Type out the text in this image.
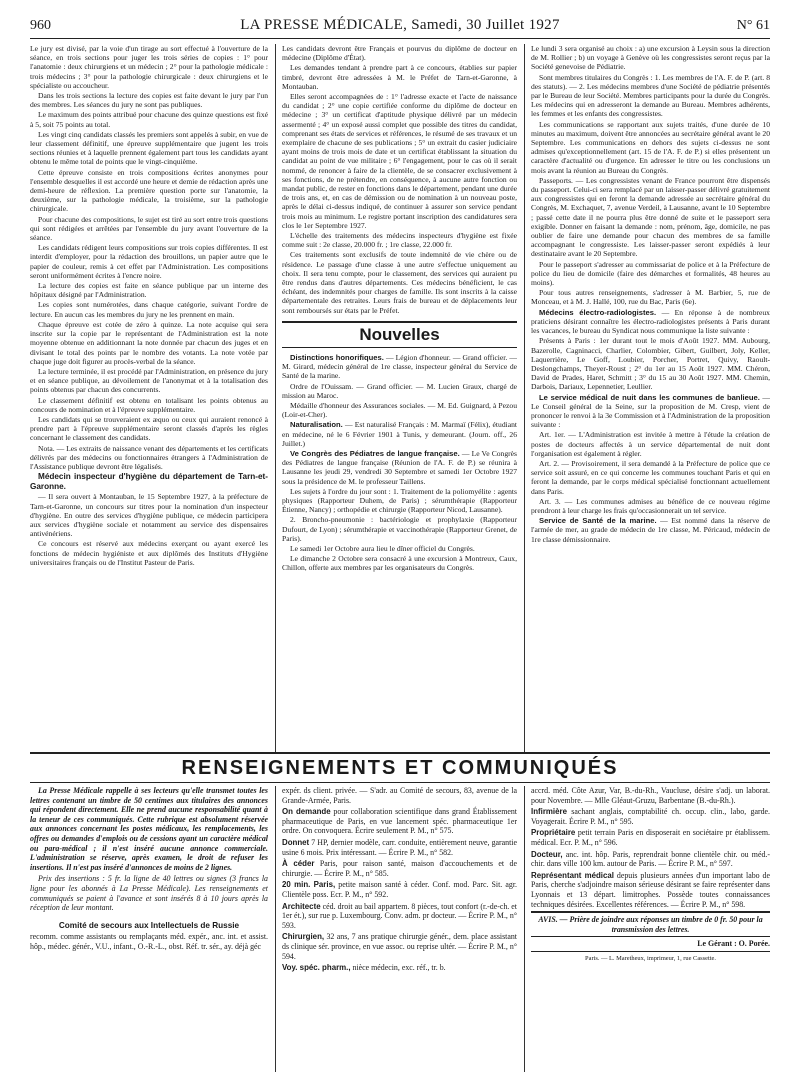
960	LA PRESSE MÉDICALE, Samedi, 30 Juillet 1927	N° 61

Le jury est divisé, par la voie d'un tirage au sort effectué à l'ouverture de la séance, en trois sections pour juger les trois séries de copies : 1° pour l'anatomie : deux chirurgiens et un médecin ; 2° pour la pathologie médicale : trois médecins ; 3° pour la pathologie chirurgicale : deux chirurgiens et le spécialiste ou accoucheur.

Dans les trois sections la lecture des copies est faite devant le jury par l'un des membres. Les séances du jury ne sont pas publiques.

Le maximum des points attribué pour chacune des quinze questions est fixé à 5, soit 75 points au total.

Les vingt cinq candidats classés les premiers sont appelés à subir, en vue de leur classement définitif, une épreuve supplémentaire que jugent les trois sections réunies et à laquelle prennent également part tous les candidats ayant obtenu le même total de points que le vingt-cinquième.

Cette épreuve consiste en trois compositions écrites anonymes pour l'ensemble desquelles il est accordé une heure et demie de rédaction après une demi-heure de réflexion. La première question porte sur l'anatomie, la deuxième, sur la pathologie médicale, la troisième, sur la pathologie chirurgicale.

Pour chacune des compositions, le sujet est tiré au sort entre trois questions qui sont rédigées et arrêtées par l'ensemble du jury avant l'ouverture de la séance.

Les candidats rédigent leurs compositions sur trois copies différentes. Il est interdit d'employer, pour la rédaction des brouillons, un papier autre que le papier de couleur, remis à cet effet par l'Administration. Les compositions seront uniformément écrites à l'encre noire.

La lecture des copies est faite en séance publique par un interne des hôpitaux désigné par l'Administration.

Les copies sont numérotées, dans chaque catégorie, suivant l'ordre de lecture. En aucun cas les membres du jury ne les prennent en main.

Chaque épreuve est cotée de zéro à quinze. La note acquise qui sera inscrite sur la copie par le représentant de l'Administration est la note moyenne obtenue en additionnant la note donnée par chacun des juges et en divisant le total des points par le nombre des votants. La note votée par chaque juge doit figurer au procès-verbal de la séance.

La lecture terminée, il est procédé par l'Administration, en présence du jury et en séance publique, au dévoilement de l'anonymat et à la totalisation des points obtenus par chacun des concurrents.

Le classement définitif est obtenu en totalisant les points obtenus au concours de nomination et à l'épreuve supplémentaire.

Les candidats qui se trouveraient ex æquo ou ceux qui auraient renoncé à prendre part à l'épreuve supplémentaire seront classés d'après les règles concernant le classement des candidats.

Nota. — Les extraits de naissance venant des départements et les certificats délivrés par des médecins ou fonctionnaires étrangers à l'Administration de l'Assistance publique devront être légalisés.

Médecin inspecteur d'hygiène du département de Tarn-et-Garonne.

— Il sera ouvert à Montauban, le 15 Septembre 1927, à la préfecture de Tarn-et-Garonne, un concours sur titres pour la nomination d'un inspecteur d'hygiène. En outre des services d'hygiène publique, ce médecin participera aux services d'hygiène sociale et notamment au service des dispensaires antivénériens.

Ce concours est réservé aux médecins exerçant ou ayant exercé les fonctions de médecin hygiéniste et aux diplômés des Instituts d'Hygiène universitaires français ou de l'Institut Pasteur de Paris.

Les candidats devront être Français et pourvus du diplôme de docteur en médecine (Diplôme d'État).

Les demandes tendant à prendre part à ce concours, établies sur papier timbré, devront être adressées à M. le Préfet de Tarn-et-Garonne, à Montauban.

Elles seront accompagnées de : 1° l'adresse exacte et l'acte de naissance du candidat ; 2° une copie certifiée conforme du diplôme de docteur en médecine ; 3° un certificat d'aptitude physique délivré par un médecin assermenté ; 4° un exposé aussi complet que possible des titres du candidat, comprenant ses états de services et références, le résumé de ses travaux et un exemplaire de chacune de ses publications ; 5° un extrait du casier judiciaire ayant moins de trois mois de date et un certificat établissant la situation du candidat au point de vue militaire ; 6° l'engagement, pour le cas où il serait nommé, de renoncer à faire de la clientèle, de se consacrer exclusivement à ses fonctions, de ne prétendre, en conséquence, à aucune autre fonction ou mandat public, de rester en fonctions dans le département, pendant une durée de trois ans, et, en cas de démission ou de nomination à un nouveau poste, après le délai ci-dessus indiqué, de continuer à assurer son service pendant trois mois au minimum. Le registre portant inscription des candidatures sera clos le 1er Septembre 1927.

L'échelle des traitements des médecins inspecteurs d'hygiène est fixée comme suit : 2e classe, 20.000 fr. ; 1re classe, 22.000 fr.

Ces traitements sont exclusifs de toute indemnité de vie chère ou de résidence. Le passage d'une classe à une autre s'effectue uniquement au choix. Il sera tenu compte, pour le classement, des services qui auraient pu être rendus dans d'autres départements. Ces médecins bénéficient, le cas échéant, des indemnités pour charges de famille. Ils sont inscrits à la caisse départementale des retraites. Leurs frais de bureau et de déplacements leur sont remboursés sur états par le Préfet.

Nouvelles

Distinctions honorifiques. — Légion d'honneur. — Grand officier. — M. Girard, médecin général de 1re classe, inspecteur général du Service de Santé de la marine.

Ordre de l'Ouissam. — Grand officier. — M. Lucien Graux, chargé de mission au Maroc.

Médaille d'honneur des Assurances sociales. — M. Ed. Guignard, à Pezou (Loir-et-Cher).

Naturalisation. — Est naturalisé Français : M. Marmaï (Félix), étudiant en médecine, né le 6 Février 1901 à Tunis, y demeurant. (Journ. off., 26 Juillet.)

Ve Congrès des Pédiatres de langue française. — Le Ve Congrès des Pédiatres de langue française (Réunion de l'A. F. de P.) se réunira à Lausanne les jeudi 29, vendredi 30 Septembre et samedi 1er Octobre 1927 sous la présidence de M. le professeur Taillens.

Les sujets à l'ordre du jour sont : 1. Traitement de la poliomyélite : agents physiques (Rapporteur Duhem, de Paris) ; sérumthérapie (Rapporteur Étienne, Nancy) ; orthopédie et chirurgie (Rapporteur Nicod, Lausanne).

2. Broncho-pneumonie : bactériologie et prophylaxie (Rapporteur Dufourt, de Lyon) ; sérumthérapie et vaccinothérapie (Rapporteur Grenet, de Paris).

Le samedi 1er Octobre aura lieu le dîner officiel du Congrès.

Le dimanche 2 Octobre sera consacré à une excursion à Montreux, Caux, Chillon, offerte aux membres par les organisateurs du Congrès.

Le lundi 3 sera organisé au choix : a) une excursion à Leysin sous la direction de M. Rollier ; b) un voyage à Genève où les congressistes seront reçus par la Société genevoise de Pédiatrie.

Sont membres titulaires du Congrès : 1. Les membres de l'A. F. de P. (art. 8 des statuts). — 2. Les médecins membres d'une Société de pédiatrie présentés par le Bureau de leur Société. Membres participants pour la durée du Congrès. Les médecins qui en adresseront la demande au Bureau. Membres adhérents, les femmes et les enfants des congressistes.

Les communications se rapportant aux sujets traités, d'une durée de 10 minutes au maximum, doivent être annoncées au secrétaire général avant le 20 Septembre. Les communications en dehors des sujets ci-dessus ne sont admises qu'exceptionnellement (art. 15 de l'A. F. de P.) si elles présentent un caractère d'actualité ou d'urgence. En adresser le titre ou les conclusions un mois avant la réunion au Bureau du Congrès.

Passeports. — Les congressistes venant de France pourront être dispensés du passeport. Celui-ci sera remplacé par un laisser-passer délivré gratuitement aux congressistes qui en feront la demande adressée au secrétaire général du Congrès, M. Exchaquet, 7, avenue Verdeil, à Lausanne, avant le 10 Septembre ; passé cette date il ne pourra plus être donné de suite et le passeport sera exigible. Donner en faisant la demande : nom, prénom, âge, domicile, ne pas oublier de faire une demande pour chacun des membres de sa famille accompagnant le congressiste. Les laisser-passer seront expédiés à leur destinataire avant le 20 Septembre.

Pour le passeport s'adresser au commissariat de police et à la Préfecture de police du lieu de domicile (faire des démarches et formalités, 48 heures au moins).

Pour tous autres renseignements, s'adresser à M. Barbier, 5, rue de Monceau, et à M. J. Hallé, 100, rue du Bac, Paris (6e).

Médecins électro-radiologistes. — En réponse à de nombreux praticiens désirant connaître les électro-radiologistes présents à Paris durant les vacances, le bureau du Syndicat nous communique la liste suivante :

Présents à Paris : 1er durant tout le mois d'Août 1927. MM. Aubourg, Bazerolle, Cagninacci, Charlier, Colombier, Gibert, Guilbert, Joly, Keller, Laquerrière, Le Goff, Loubier, Porcher, Portret, Quivy, Raoult-Deslongchamps, Theyer-Roust ; 2° du 1er au 15 Août 1927. MM. Chéron, David de Prades, Haret, Schmitt ; 3° du 15 au 30 Août 1927. MM. Chemin, Darbois, Dariaux, Lepennetier, Leullier.

Le service médical de nuit dans les communes de banlieue. — Le Conseil général de la Seine, sur la proposition de M. Cresp, vient de prononcer le renvoi à la 3e Commission et à l'Administration de la proposition suivante :

Art. 1er. — L'Administration est invitée à mettre à l'étude la création de postes de docteurs affectés à un service départemental de nuit dont l'organisation est également à régler.

Art. 2. — Provisoirement, il sera demandé à la Préfecture de police que ce service soit assuré, en ce qui concerne les communes touchant Paris et qui en feront la demande, par le corps médical spécialisé fonctionnant actuellement dans Paris.

Art. 3. — Les communes admises au bénéfice de ce nouveau régime prendront à leur charge les frais qu'occasionnerait un tel service.

Service de Santé de la marine. — Est nommé dans la réserve de l'armée de mer, au grade de médecin de 1re classe, M. Péricaud, médecin de 1re classe démissionnaire.

RENSEIGNEMENTS ET COMMUNIQUÉS

La Presse Médicale rappelle à ses lecteurs qu'elle transmet toutes les lettres contenant un timbre de 50 centimes aux titulaires des annonces qui répondent directement. Elle ne prend aucune responsabilité quant à la teneur de ces communiqués. Cette rubrique est absolument réservée aux annonces concernant les postes médicaux, les remplacements, les offres ou demandes d'emplois ou de cessions ayant un caractère médical ou para-médical ; il n'est inséré aucune annonce commerciale. L'administration se réserve, après examen, le droit de refuser les insertions. Il n'est pas inséré d'annonces de moins de 2 lignes.

Prix des insertions : 5 fr. la ligne de 40 lettres ou signes (3 francs la ligne pour les abonnés à La Presse Médicale). Les renseignements et communiqués se paient à l'avance et sont insérés 8 à 10 jours après la réception de leur montant.

Comité de secours aux Intellectuels de Russie

recomm. comme assistants ou remplaçants méd. expér., anc. int. et assist. hôp., médec. génér., V.U., infant., O.-R.-L., obst. Réf. tr. sér., ay. déjà géc

expér. ds client. privée. — S'adr. au Comité de secours, 83, avenue de la Grande-Armée, Paris.

On demande pour collaboration scientifique dans grand Établissement pharmaceutique de Paris, en vue lancement spéc. pharmaceutique 1er ordre. On convoquera. Écrire seulement P. M., n° 575.

Donnet 7 HP, dernier modèle, carr. conduite, entièrement neuve, garantie usine 6 mois. Prix intéressant. — Écrire P. M., n° 582.

À céder Paris, pour raison santé, maison d'accouchements et de chirurgie. — Écrire P. M., n° 585.

20 min. Paris, petite maison santé à céder. Conf. mod. Parc. Sit. agr. Clientèle poss. Ecr. P. M., n° 592.

Architecte céd. droit au bail appartem. 8 pièces, tout confort (r.-de-ch. et 1er ét.), sur rue p. Luxembourg. Conv. adm. pr docteur. — Écrire P. M., n° 593.

Chirurgien, 32 ans, 7 ans pratique chirurgie génér., dem. place assistant ds clinique sér. province, en vue assoc. ou reprise ultér. — Écrire P. M., n° 594.

Voy. spéc. pharm., nièce médecin, exc. réf., tr. b.

accrd. méd. Côte Azur, Var, B.-du-Rh., Vaucluse, désire s'adj. un laborat. pour Novembre. — Mlle Gléaut-Gruzu, Barbentane (B.-du-Rh.).

Infirmière sachant anglais, comptabilité ch. occup. clin., labo, garde. Voyagerait. Écrire P. M., n° 595.

Propriétaire petit terrain Paris en disposerait en sociétaire pr établissem. médical. Ecr. P. M., n° 596.

Docteur, anc. int. hôp. Paris, reprendrait bonne clientèle chir. ou méd.-chir. dans ville 100 km. autour de Paris. — Écrire P. M., n° 597.

Représentant médical depuis plusieurs années d'un important labo de Paris, cherche s'adjoindre maison sérieuse désirant se faire représenter dans Lyonnais et 13 départ. limitrophes. Possède toutes connaissances techniques désirées. Excellentes références. — Écrire P. M., n° 598.

AVIS. — Prière de joindre aux réponses un timbre de 0 fr. 50 pour la transmission des lettres.

Le Gérant : O. Porée.

Paris. — L. Maretheux, imprimeur, 1, rue Cassette.
